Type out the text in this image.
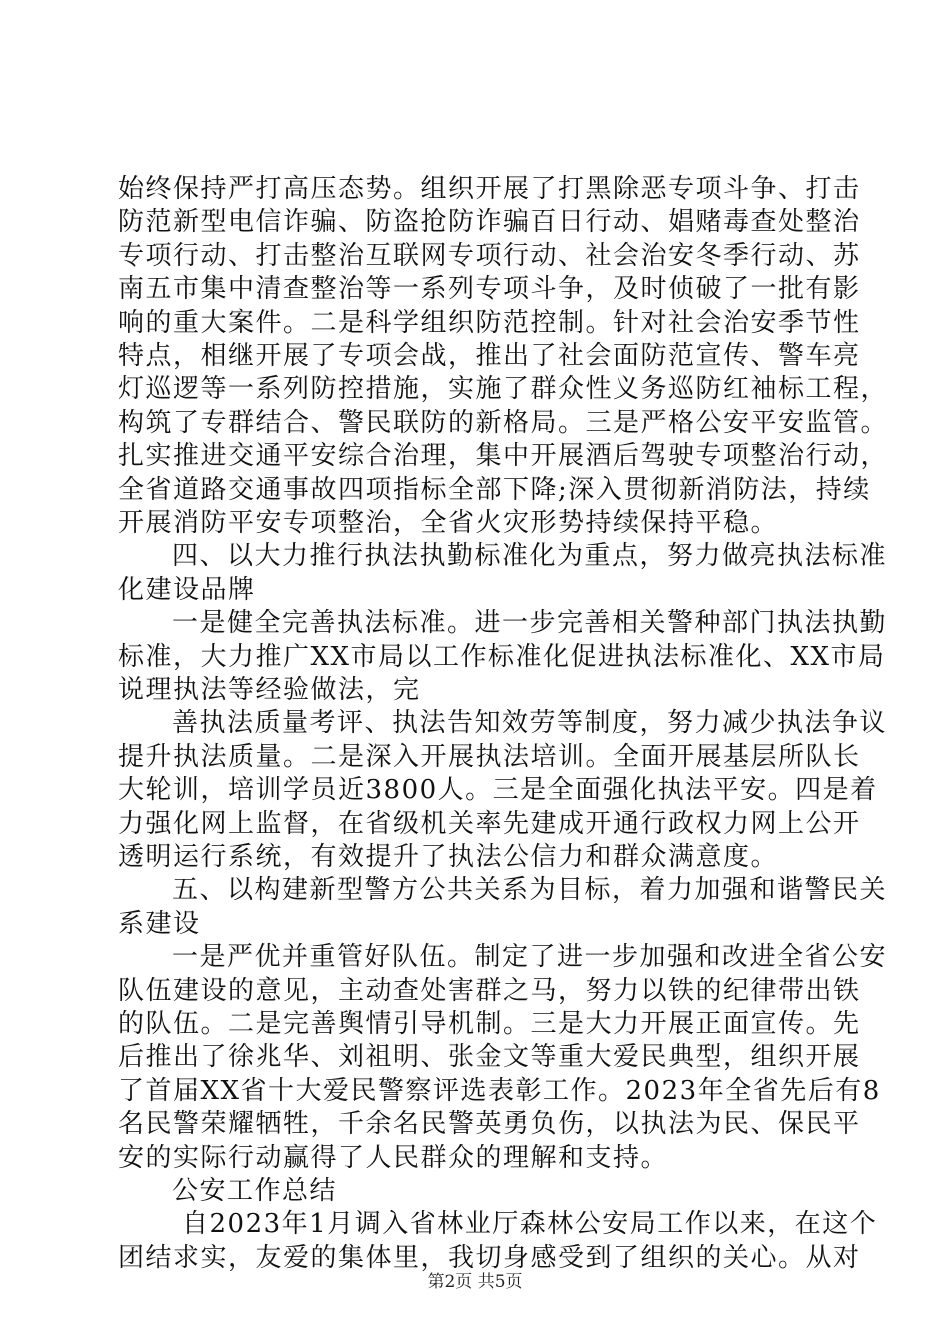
始终保持严打高压态势。组织开展了打黑除恶专项斗争、打击
防范新型电信诈骗、防盗抢防诈骗百日行动、娼赌毒查处整治
专项行动、打击整治互联网专项行动、社会治安冬季行动、苏
南五市集中清查整治等一系列专项斗争，及时侦破了一批有影
响的重大案件。二是科学组织防范控制。针对社会治安季节性
特点，相继开展了专项会战，推出了社会面防范宣传、警车亮
灯巡逻等一系列防控措施，实施了群众性义务巡防红袖标工程，
构筑了专群结合、警民联防的新格局。三是严格公安平安监管。
扎实推进交通平安综合治理，集中开展酒后驾驶专项整治行动，
全省道路交通事故四项指标全部下降;深入贯彻新消防法，持续
开展消防平安专项整治，全省火灾形势持续保持平稳。
四、以大力推行执法执勤标准化为重点，努力做亮执法标准
化建设品牌
一是健全完善执法标准。进一步完善相关警种部门执法执勤
标准，大力推广XX市局以工作标准化促进执法标准化、XX市局
说理执法等经验做法，完
善执法质量考评、执法告知效劳等制度，努力减少执法争议
提升执法质量。二是深入开展执法培训。全面开展基层所队长
大轮训，培训学员近3800人。三是全面强化执法平安。四是着
力强化网上监督，在省级机关率先建成开通行政权力网上公开
透明运行系统，有效提升了执法公信力和群众满意度。
五、以构建新型警方公共关系为目标，着力加强和谐警民关
系建设
一是严优并重管好队伍。制定了进一步加强和改进全省公安
队伍建设的意见，主动查处害群之马，努力以铁的纪律带出铁
的队伍。二是完善舆情引导机制。三是大力开展正面宣传。先
后推出了徐兆华、刘祖明、张金文等重大爱民典型，组织开展
了首届XX省十大爱民警察评选表彰工作。2023年全省先后有8
名民警荣耀牺牲，千余名民警英勇负伤，以执法为民、保民平
安的实际行动赢得了人民群众的理解和支持。
公安工作总结
自2023年1月调入省林业厅森林公安局工作以来，在这个
团结求实，友爱的集体里，我切身感受到了组织的关心。从对
第2页 共5页
